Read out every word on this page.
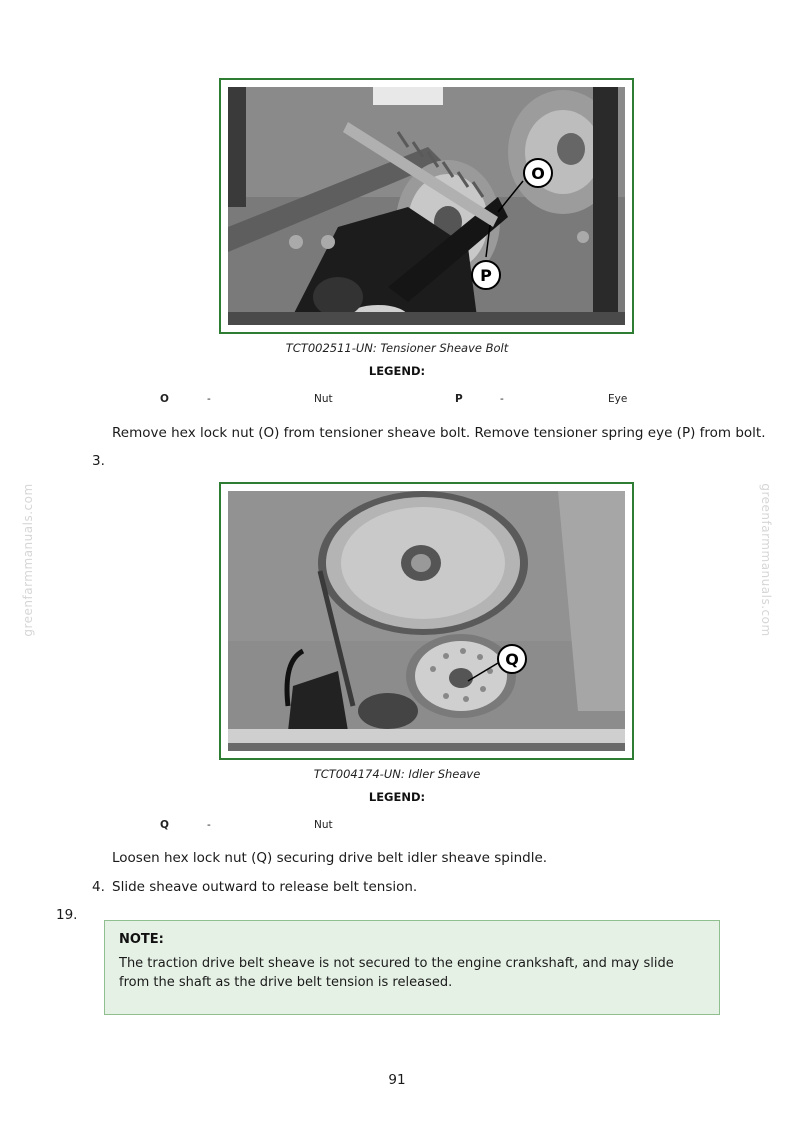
greenfarmmanuals.com	greenfarmmanuals.com
O
P
TCT002511-UN: Tensioner Sheave Bolt
LEGEND:
O	-	Nut	P	-	Eye
Remove hex lock nut (O) from tensioner sheave bolt. Remove tensioner spring eye (P) from bolt.
3.
Q
TCT004174-UN: Idler Sheave
LEGEND:
Q	-	Nut
Loosen hex lock nut (Q) securing drive belt idler sheave spindle.
4. Slide sheave outward to release belt tension.
19.
NOTE:
The traction drive belt sheave is not secured to the engine crankshaft, and may slide from the shaft as the drive belt tension is released.
91
